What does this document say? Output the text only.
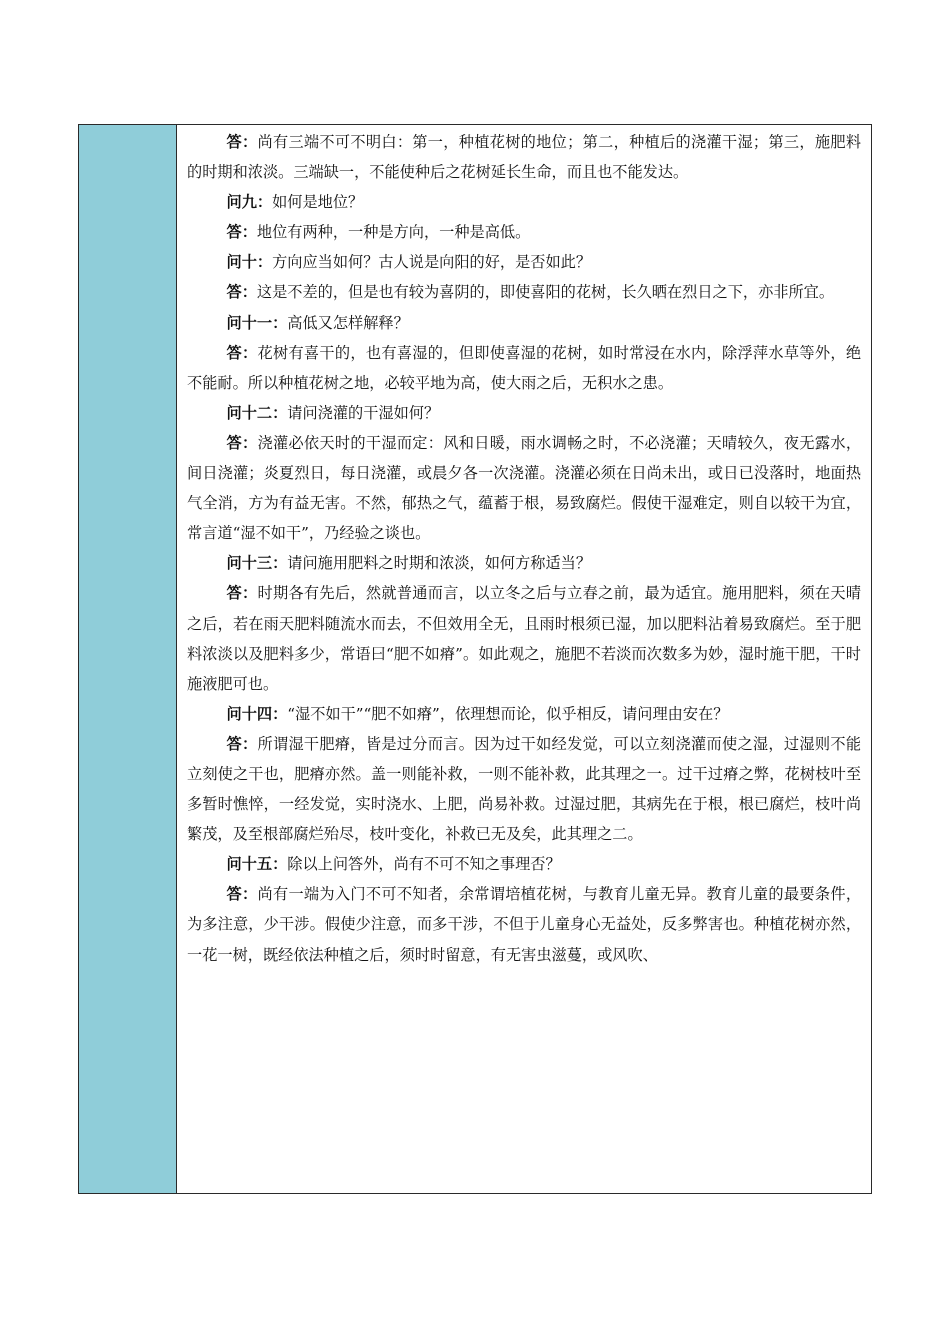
答：尚有三端不可不明白：第一，种植花树的地位；第二，种植后的浇灌干湿；第三，施肥料的时期和浓淡。三端缺一，不能使种后之花树延长生命，而且也不能发达。

问九：如何是地位？

答：地位有两种，一种是方向，一种是高低。

问十：方向应当如何？古人说是向阳的好，是否如此？

答：这是不差的，但是也有较为喜阴的，即使喜阳的花树，长久晒在烈日之下，亦非所宜。

问十一：高低又怎样解释？

答：花树有喜干的，也有喜湿的，但即使喜湿的花树，如时常浸在水内，除浮萍水草等外，绝不能耐。所以种植花树之地，必较平地为高，使大雨之后，无积水之患。

问十二：请问浇灌的干湿如何？

答：浇灌必依天时的干湿而定：风和日暖，雨水调畅之时，不必浇灌；天晴较久，夜无露水，间日浇灌；炎夏烈日，每日浇灌，或晨夕各一次浇灌。浇灌必须在日尚未出，或日已没落时，地面热气全消，方为有益无害。不然，郁热之气，蕴蓄于根，易致腐烂。假使干湿难定，则自以较干为宜，常言道“湿不如干”，乃经验之谈也。

问十三：请问施用肥料之时期和浓淡，如何方称适当？

答：时期各有先后，然就普通而言，以立冬之后与立春之前，最为适宜。施用肥料，须在天晴之后，若在雨天肥料随流水而去，不但效用全无，且雨时根须已湿，加以肥料沾着易致腐烂。至于肥料浓淡以及肥料多少，常语曰“肥不如瘠”。如此观之，施肥不若淡而次数多为妙，湿时施干肥，干时施液肥可也。

问十四：“湿不如干”“肥不如瘠”，依理想而论，似乎相反，请问理由安在？

答：所谓湿干肥瘠，皆是过分而言。因为过干如经发觉，可以立刻浇灌而使之湿，过湿则不能立刻使之干也，肥瘠亦然。盖一则能补救，一则不能补救，此其理之一。过干过瘠之弊，花树枝叶至多暂时憔悴，一经发觉，实时浇水、上肥，尚易补救。过湿过肥，其病先在于根，根已腐烂，枝叶尚繁茂，及至根部腐烂殆尽，枝叶变化，补救已无及矣，此其理之二。

问十五：除以上问答外，尚有不可不知之事理否？

答：尚有一端为入门不可不知者，余常谓培植花树，与教育儿童无异。教育儿童的最要条件，为多注意，少干涉。假使少注意，而多干涉，不但于儿童身心无益处，反多弊害也。种植花树亦然，一花一树，既经依法种植之后，须时时留意，有无害虫滋蔓，或风吹、
